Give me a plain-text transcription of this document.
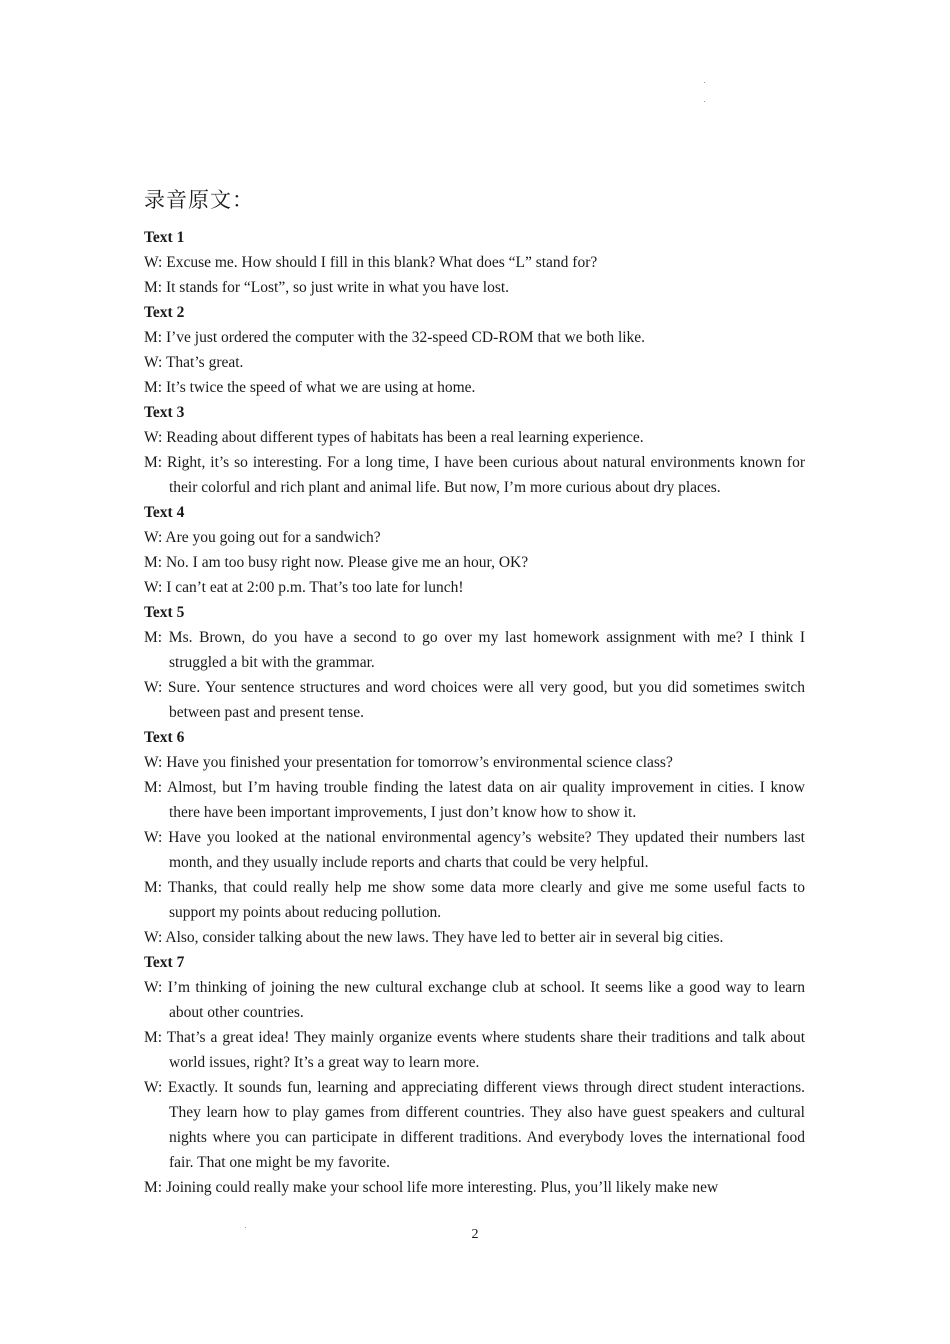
录音原文：

Text 1

W: Excuse me. How should I fill in this blank? What does “L” stand for?

M: It stands for “Lost”, so just write in what you have lost.

Text 2

M: I’ve just ordered the computer with the 32-speed CD-ROM that we both like.

W: That’s great.

M: It’s twice the speed of what we are using at home.

Text 3

W: Reading about different types of habitats has been a real learning experience.

M: Right, it’s so interesting. For a long time, I have been curious about natural environments known for their colorful and rich plant and animal life. But now, I’m more curious about dry places.

Text 4

W: Are you going out for a sandwich?

M: No. I am too busy right now. Please give me an hour, OK?

W: I can’t eat at 2:00 p.m. That’s too late for lunch!

Text 5

M: Ms. Brown, do you have a second to go over my last homework assignment with me? I think I struggled a bit with the grammar.

W: Sure. Your sentence structures and word choices were all very good, but you did sometimes switch between past and present tense.

Text 6

W: Have you finished your presentation for tomorrow’s environmental science class?

M: Almost, but I’m having trouble finding the latest data on air quality improvement in cities. I know there have been important improvements, I just don’t know how to show it.

W: Have you looked at the national environmental agency’s website? They updated their numbers last month, and they usually include reports and charts that could be very helpful.

M: Thanks, that could really help me show some data more clearly and give me some useful facts to support my points about reducing pollution.

W: Also, consider talking about the new laws. They have led to better air in several big cities.

Text 7

W: I’m thinking of joining the new cultural exchange club at school. It seems like a good way to learn about other countries.

M: That’s a great idea! They mainly organize events where students share their traditions and talk about world issues, right? It’s a great way to learn more.

W: Exactly. It sounds fun, learning and appreciating different views through direct student interactions. They learn how to play games from different countries. They also have guest speakers and cultural nights where you can participate in different traditions. And everybody loves the international food fair. That one might be my favorite.

M: Joining could really make your school life more interesting. Plus, you’ll likely make new

2
